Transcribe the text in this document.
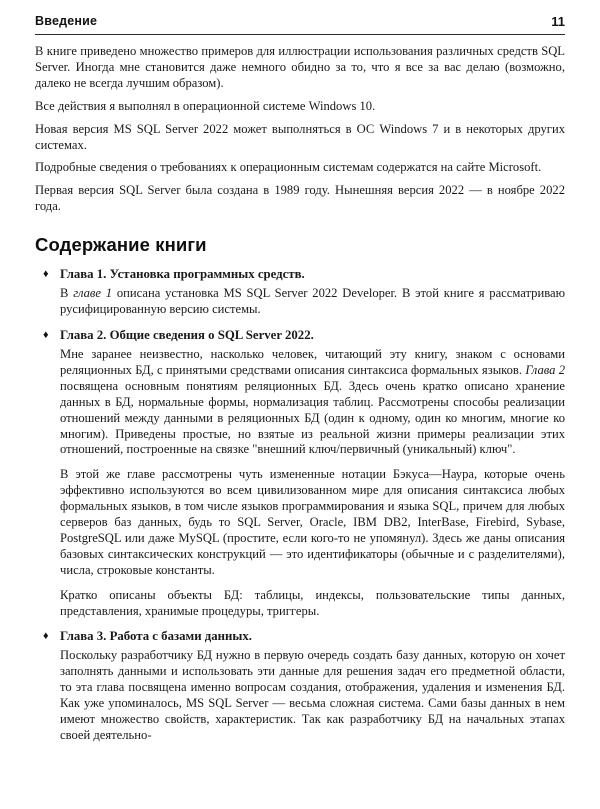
Введение	11

В книге приведено множество примеров для иллюстрации использования различных средств SQL Server. Иногда мне становится даже немного обидно за то, что я все за вас делаю (возможно, далеко не всегда лучшим образом).

Все действия я выполнял в операционной системе Windows 10.

Новая версия MS SQL Server 2022 может выполняться в ОС Windows 7 и в некоторых других системах.

Подробные сведения о требованиях к операционным системам содержатся на сайте Microsoft.

Первая версия SQL Server была создана в 1989 году. Нынешняя версия 2022 — в ноябре 2022 года.

Содержание книги
♦ Глава 1. Установка программных средств.

В главе 1 описана установка MS SQL Server 2022 Developer. В этой книге я рассматриваю русифицированную версию системы.

♦ Глава 2. Общие сведения о SQL Server 2022.

Мне заранее неизвестно, насколько человек, читающий эту книгу, знаком с основами реляционных БД, с принятыми средствами описания синтаксиса формальных языков. Глава 2 посвящена основным понятиям реляционных БД. Здесь очень кратко описано хранение данных в БД, нормальные формы, нормализация таблиц. Рассмотрены способы реализации отношений между данными в реляционных БД (один к одному, один ко многим, многие ко многим). Приведены простые, но взятые из реальной жизни примеры реализации этих отношений, построенные на связке "внешний ключ/первичный (уникальный) ключ".

В этой же главе рассмотрены чуть измененные нотации Бэкуса—Наура, которые очень эффективно используются во всем цивилизованном мире для описания синтаксиса любых формальных языков, в том числе языков программирования и языка SQL, причем для любых серверов баз данных, будь то SQL Server, Oracle, IBM DB2, InterBase, Firebird, Sybase, PostgreSQL или даже MySQL (простите, если кого-то не упомянул). Здесь же даны описания базовых синтаксических конструкций — это идентификаторы (обычные и с разделителями), числа, строковые константы.

Кратко описаны объекты БД: таблицы, индексы, пользовательские типы данных, представления, хранимые процедуры, триггеры.

♦ Глава 3. Работа с базами данных.

Поскольку разработчику БД нужно в первую очередь создать базу данных, которую он хочет заполнять данными и использовать эти данные для решения задач его предметной области, то эта глава посвящена именно вопросам создания, отображения, удаления и изменения БД. Как уже упоминалось, MS SQL Server — весьма сложная система. Сами базы данных в нем имеют множество свойств, характеристик. Так как разработчику БД на начальных этапах своей деятельно-
